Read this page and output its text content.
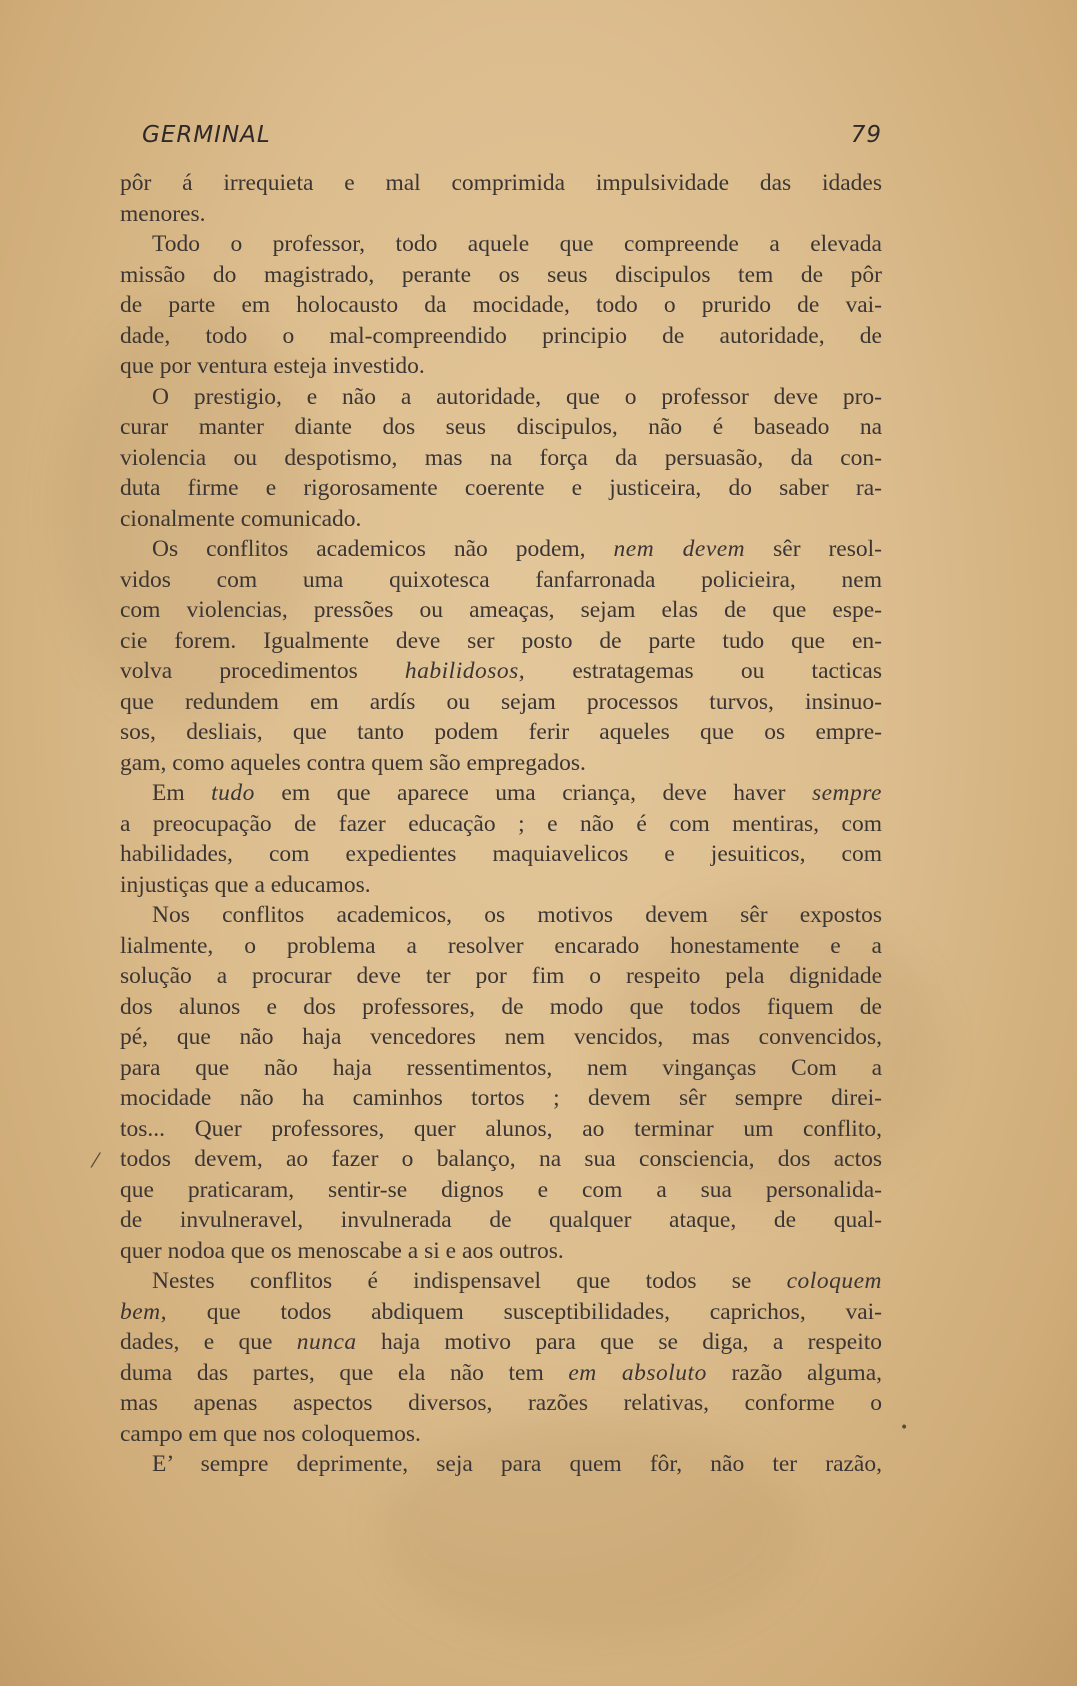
GERMINAL	79
pôr á irrequieta e mal comprimida impulsividade das idades
menores.
Todo o professor, todo aquele que compreende a elevada
missão do magistrado, perante os seus discipulos tem de pôr
de parte em holocausto da mocidade, todo o prurido de vai-
dade, todo o mal-compreendido principio de autoridade, de
que por ventura esteja investido.
O prestigio, e não a autoridade, que o professor deve pro-
curar manter diante dos seus discipulos, não é baseado na
violencia ou despotismo, mas na força da persuasão, da con-
duta firme e rigorosamente coerente e justiceira, do saber ra-
cionalmente comunicado.
Os conflitos academicos não podem, nem devem sêr resol-
vidos com uma quixotesca fanfarronada policieira, nem
com violencias, pressões ou ameaças, sejam elas de que espe-
cie forem. Igualmente deve ser posto de parte tudo que en-
volva procedimentos habilidosos, estratagemas ou tacticas
que redundem em ardís ou sejam processos turvos, insinuo-
sos, desliais, que tanto podem ferir aqueles que os empre-
gam, como aqueles contra quem são empregados.
Em tudo em que aparece uma criança, deve haver sempre
a preocupação de fazer educação ; e não é com mentiras, com
habilidades, com expedientes maquiavelicos e jesuiticos, com
injustiças que a educamos.
Nos conflitos academicos, os motivos devem sêr expostos
lialmente, o problema a resolver encarado honestamente e a
solução a procurar deve ter por fim o respeito pela dignidade
dos alunos e dos professores, de modo que todos fiquem de
pé, que não haja vencedores nem vencidos, mas convencidos,
para que não haja ressentimentos, nem vinganças Com a
mocidade não ha caminhos tortos ; devem sêr sempre direi-
tos... Quer professores, quer alunos, ao terminar um conflito,
todos devem, ao fazer o balanço, na sua consciencia, dos actos
que praticaram, sentir-se dignos e com a sua personalida-
de invulneravel, invulnerada de qualquer ataque, de qual-
quer nodoa que os menoscabe a si e aos outros.
Nestes conflitos é indispensavel que todos se coloquem
bem, que todos abdiquem susceptibilidades, caprichos, vai-
dades, e que nunca haja motivo para que se diga, a respeito
duma das partes, que ela não tem em absoluto razão alguma,
mas apenas aspectos diversos, razões relativas, conforme o
campo em que nos coloquemos.
E’ sempre deprimente, seja para quem fôr, não ter razão,
⁄
•
